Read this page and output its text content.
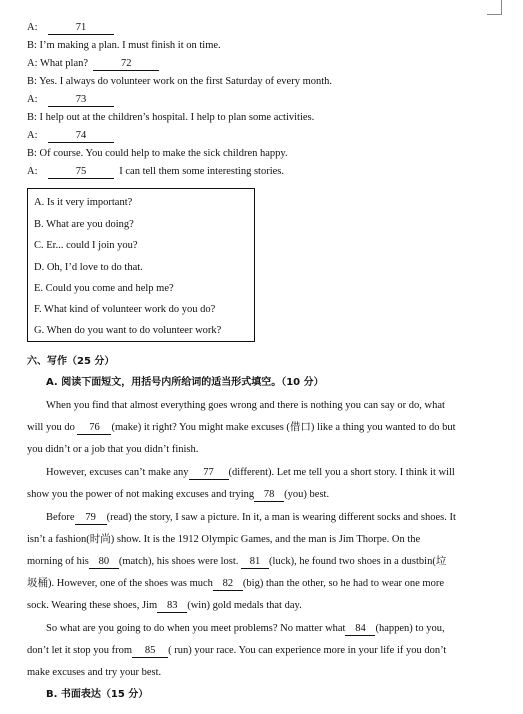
A:	71
B: I’m making a plan. I must finish it on time.
A: What plan?	72
B: Yes. I always do volunteer work on the first Saturday of every month.
A:	73
B: I help out at the children’s hospital. I help to plan some activities.
A:	74
B: Of course. You could help to make the sick children happy.
A:	75	I can tell them some interesting stories.
A. Is it very important?
B. What are you doing?
C. Er... could I join you?
D. Oh, I’d love to do that.
E. Could you come and help me?
F. What kind of volunteer work do you do?
G. When do you want to do volunteer work?
六、写作（25 分）
A. 阅读下面短文，用括号内所给词的适当形式填空。（10 分）
When you find that almost everything goes wrong and there is nothing you can say or do, what
will you do 76 (make) it right? You might make excuses (借口) like a thing you wanted to do but
you didn’t or a job that you didn’t finish.
However, excuses can’t make any 77 (different). Let me tell you a short story. I think it will
show you the power of not making excuses and trying 78 (you) best.
Before 79 (read) the story, I saw a picture. In it, a man is wearing different socks and shoes. It
isn’t a fashion(时尚) show. It is the 1912 Olympic Games, and the man is Jim Thorpe. On the
morning of his 80 (match), his shoes were lost. 81 (luck), he found two shoes in a dustbin(垃
圾桶). However, one of the shoes was much 82 (big) than the other, so he had to wear one more
sock. Wearing these shoes, Jim 83 (win) gold medals that day.
So what are you going to do when you meet problems? No matter what 84 (happen) to you,
don’t let it stop you from 85 ( run) your race. You can experience more in your life if you don’t
make excuses and try your best.
B. 书面表达（15 分）
